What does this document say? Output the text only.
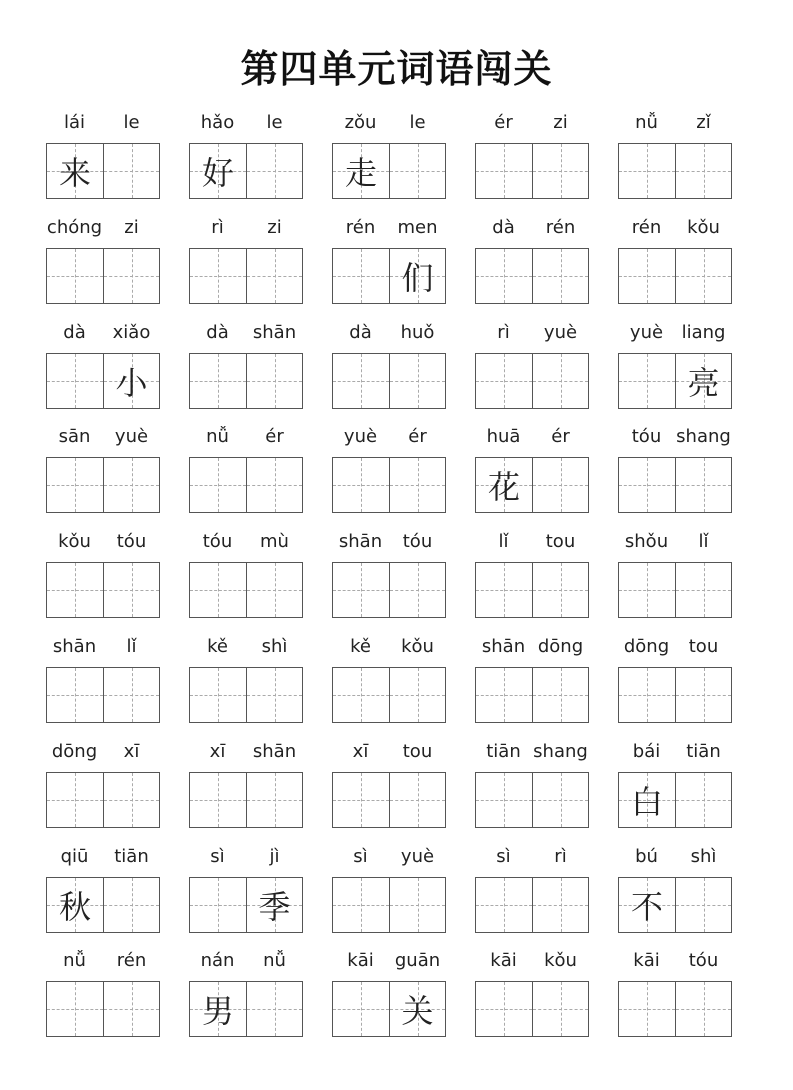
第四单元词语闯关
lái	le
来
hǎo	le
好
zǒu	le
走
ér	zi	nǚ	zǐ
chóng	zi	rì	zi	rén	men
们
dà	rén	rén	kǒu
dà	xiǎo
小
dà	shān	dà	huǒ	rì	yuè	yuè	liang
亮
sān	yuè	nǚ	ér	yuè	ér	huā	ér
花
tóu shang
kǒu	tóu	tóu	mù	shān	tóu	lǐ	tou	shǒu	lǐ
shān	lǐ	kě	shì	kě	kǒu	shān dōng	dōng	tou
dōng	xī	xī	shān	xī	tou	tiān shang	bái	tiān
白
qiū	tiān
秋
sì	jì
季
sì	yuè	sì	rì	bú	shì
不
nǚ	rén	nán	nǚ
男
kāi	guān
关
kāi	kǒu	kāi	tóu
